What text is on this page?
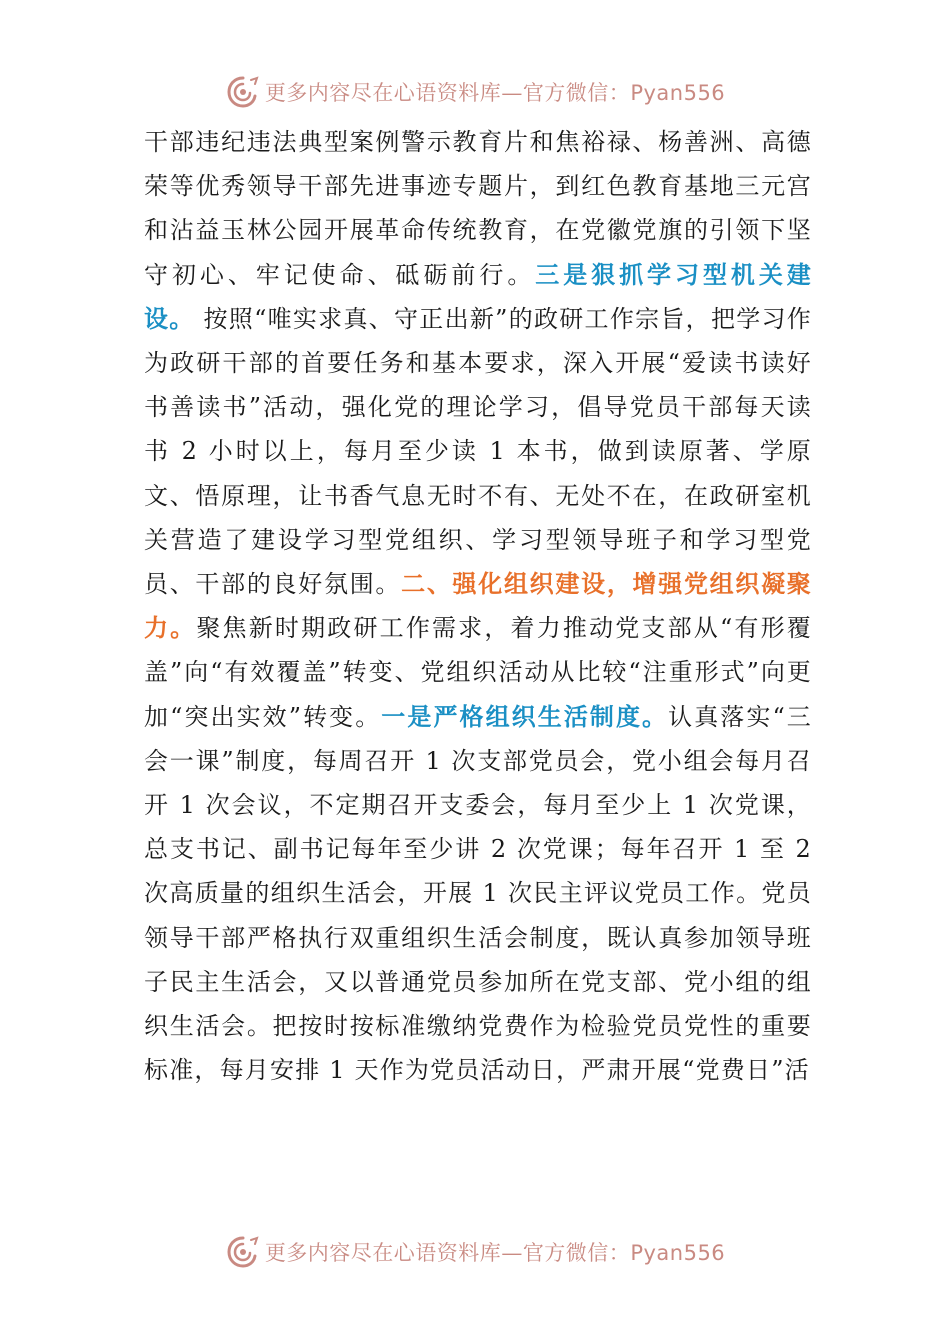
更多内容尽在心语资料库—官方微信：Pyan556

干部违纪违法典型案例警示教育片和焦裕禄、杨善洲、高德荣等优秀领导干部先进事迹专题片，到红色教育基地三元宫和沾益玉林公园开展革命传统教育，在党徽党旗的引领下坚守初心、牢记使命、砥砺前行。三是狠抓学习型机关建设。 按照“唯实求真、守正出新”的政研工作宗旨，把学习作为政研干部的首要任务和基本要求，深入开展“爱读书读好书善读书”活动，强化党的理论学习，倡导党员干部每天读书 2 小时以上，每月至少读 1 本书，做到读原著、学原文、悟原理，让书香气息无时不有、无处不在，在政研室机关营造了建设学习型党组织、学习型领导班子和学习型党员、干部的良好氛围。二、强化组织建设，增强党组织凝聚力。聚焦新时期政研工作需求，着力推动党支部从“有形覆盖”向“有效覆盖”转变、党组织活动从比较“注重形式”向更加“突出实效”转变。一是严格组织生活制度。认真落实“三会一课”制度，每周召开 1 次支部党员会，党小组会每月召开 1 次会议，不定期召开支委会，每月至少上 1 次党课，总支书记、副书记每年至少讲 2 次党课；每年召开 1 至 2 次高质量的组织生活会，开展 1 次民主评议党员工作。党员领导干部严格执行双重组织生活会制度，既认真参加领导班子民主生活会，又以普通党员参加所在党支部、党小组的组织生活会。把按时按标准缴纳党费作为检验党员党性的重要标准，每月安排 1 天作为党员活动日，严肃开展“党费日”活

更多内容尽在心语资料库—官方微信：Pyan556
